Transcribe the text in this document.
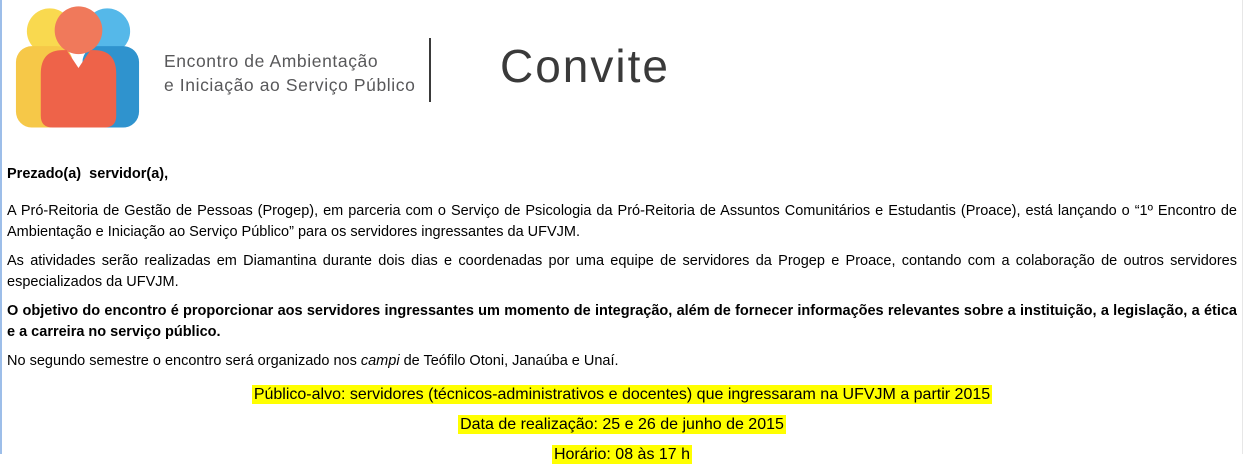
Encontro de Ambientação
e Iniciação ao Serviço Público Convite

Prezado(a)  servidor(a),

A Pró-Reitoria de Gestão de Pessoas (Progep), em parceria com o Serviço de Psicologia da Pró-Reitoria de Assuntos Comunitários e Estudantis (Proace), está lançando o “1º Encontro de Ambientação e Iniciação ao Serviço Público” para os servidores ingressantes da UFVJM.

As atividades serão realizadas em Diamantina durante dois dias e coordenadas por uma equipe de servidores da Progep e Proace, contando com a colaboração de outros servidores especializados da UFVJM.

O objetivo do encontro é proporcionar aos servidores ingressantes um momento de integração, além de fornecer informações relevantes sobre a instituição, a legislação, a ética e a carreira no serviço público.

No segundo semestre o encontro será organizado nos campi de Teófilo Otoni, Janaúba e Unaí.

Público-alvo: servidores (técnicos-administrativos e docentes) que ingressaram na UFVJM a partir 2015

Data de realização: 25 e 26 de junho de 2015

Horário: 08 às 17 h
